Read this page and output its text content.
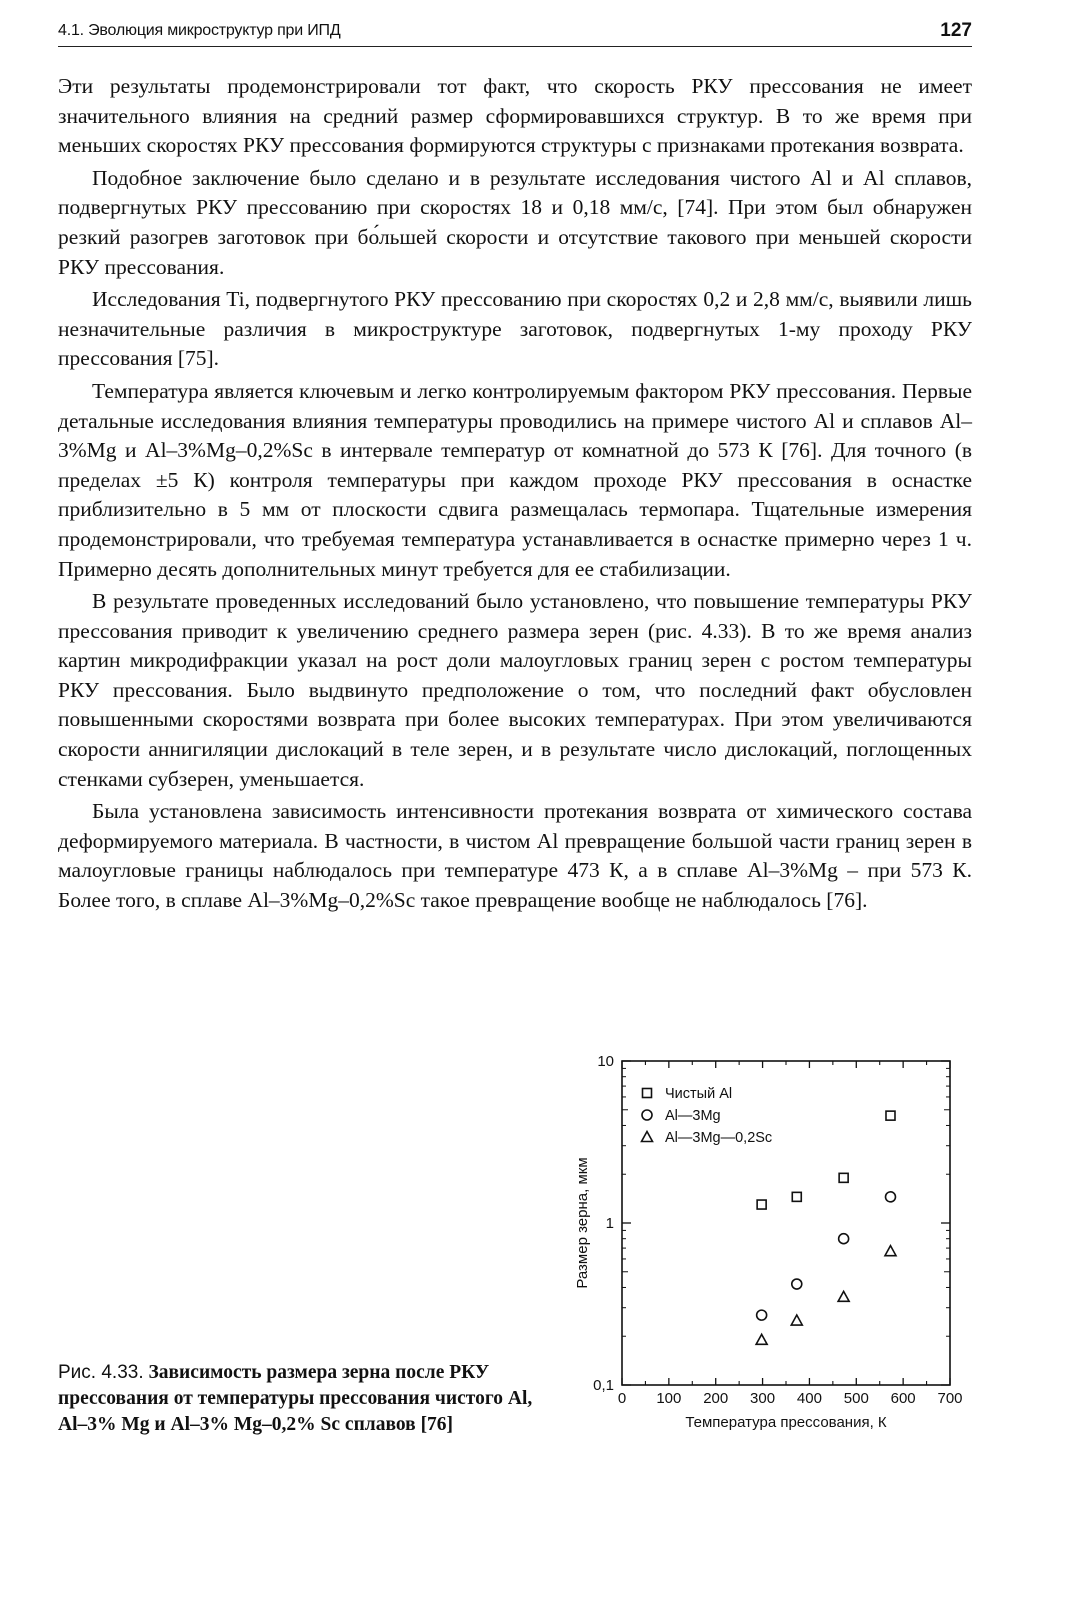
4.1. Эволюция микроструктур при ИПД	127

Эти результаты продемонстрировали тот факт, что скорость РКУ прессования не имеет значительного влияния на средний размер сформировавшихся структур. В то же время при меньших скоростях РКУ прессования формируются структуры с признаками протекания возврата.

Подобное заключение было сделано и в результате исследования чистого Al и Al сплавов, подвергнутых РКУ прессованию при скоростях 18 и 0,18 мм/с, [74]. При этом был обнаружен резкий разогрев заготовок при бо́льшей скорости и отсутствие такового при меньшей скорости РКУ прессования.

Исследования Ti, подвергнутого РКУ прессованию при скоростях 0,2 и 2,8 мм/с, выявили лишь незначительные различия в микроструктуре заготовок, подвергнутых 1-му проходу РКУ прессования [75].

Температура является ключевым и легко контролируемым фактором РКУ прессования. Первые детальные исследования влияния температуры проводились на примере чистого Al и сплавов Al–3%Mg и Al–3%Mg–0,2%Sc в интервале температур от комнатной до 573 К [76]. Для точного (в пределах ±5 К) контроля температуры при каждом проходе РКУ прессования в оснастке приблизительно в 5 мм от плоскости сдвига размещалась термопара. Тщательные измерения продемонстрировали, что требуемая температура устанавливается в оснастке примерно через 1 ч. Примерно десять дополнительных минут требуется для ее стабилизации.

В результате проведенных исследований было установлено, что повышение температуры РКУ прессования приводит к увеличению среднего размера зерен (рис. 4.33). В то же время анализ картин микродифракции указал на рост доли малоугловых границ зерен с ростом температуры РКУ прессования. Было выдвинуто предположение о том, что последний факт обусловлен повышенными скоростями возврата при более высоких температурах. При этом увеличиваются скорости аннигиляции дислокаций в теле зерен, и в результате число дислокаций, поглощенных стенками субзерен, уменьшается.

Была установлена зависимость интенсивности протекания возврата от химического состава деформируемого материала. В частности, в чистом Al превращение большой части границ зерен в малоугловые границы наблюдалось при температуре 473 К, а в сплаве Al–3%Mg – при 573 К. Более того, в сплаве Al–3%Mg–0,2%Sc такое превращение вообще не наблюдалось [76].

Рис. 4.33. Зависимость размера зерна после РКУ прессования от температуры прессования чистого Al, Al–3% Mg и Al–3% Mg–0,2% Sc сплавов [76]
0 100 200 300 400 500 600 700
0,1
1
10
Температура прессования, К
Размер зерна, мкм
Чистый Al
Al—3Mg
Al—3Mg—0,2Sc
